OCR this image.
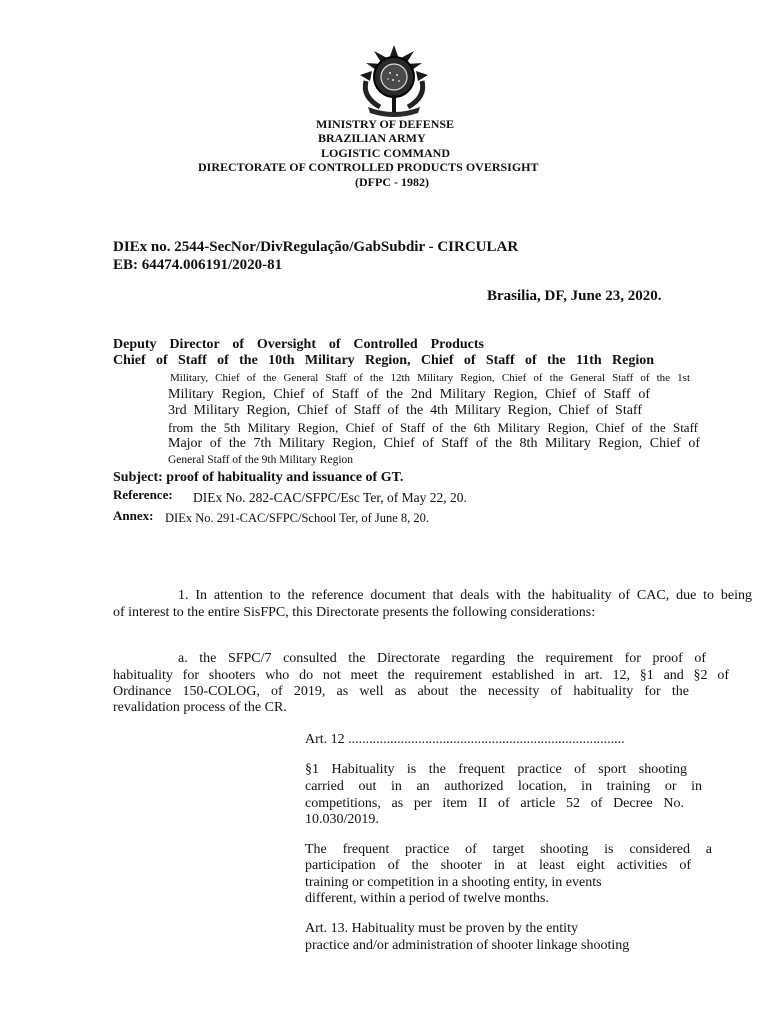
MINISTRY OF DEFENSE
BRAZILIAN ARMY
LOGISTIC COMMAND
DIRECTORATE OF CONTROLLED PRODUCTS OVERSIGHT
(DFPC - 1982)
DIEx no. 2544-SecNor/DivRegulação/GabSubdir - CIRCULAR
EB: 64474.006191/2020-81
Brasilia, DF, June 23, 2020.
Deputy Director of Oversight of Controlled Products
Chief of Staff of the 10th Military Region, Chief of Staff of the 11th Region
Military, Chief of the General Staff of the 12th Military Region, Chief of the General Staff of the 1st
Military Region, Chief of Staff of the 2nd Military Region, Chief of Staff of
3rd Military Region, Chief of Staff of the 4th Military Region, Chief of Staff
from the 5th Military Region, Chief of Staff of the 6th Military Region, Chief of the Staff
Major of the 7th Military Region, Chief of Staff of the 8th Military Region, Chief of
General Staff of the 9th Military Region
Subject: proof of habituality and issuance of GT.
Reference: DIEx No. 282-CAC/SFPC/Esc Ter, of May 22, 20.
Annex: DIEx No. 291-CAC/SFPC/School Ter, of June 8, 20.
1. In attention to the reference document that deals with the habituality of CAC, due to being
of interest to the entire SisFPC, this Directorate presents the following considerations:
a. the SFPC/7 consulted the Directorate regarding the requirement for proof of
habituality for shooters who do not meet the requirement established in art. 12, §1 and §2 of
Ordinance 150-COLOG, of 2019, as well as about the necessity of habituality for the
revalidation process of the CR.
Art. 12 ...............................................................................
§1 Habituality is the frequent practice of sport shooting
carried out in an authorized location, in training or in
competitions, as per item II of article 52 of Decree No.
10.030/2019.
The frequent practice of target shooting is considered a
participation of the shooter in at least eight activities of
training or competition in a shooting entity, in events
different, within a period of twelve months.
Art. 13. Habituality must be proven by the entity
practice and/or administration of shooter linkage shooting
